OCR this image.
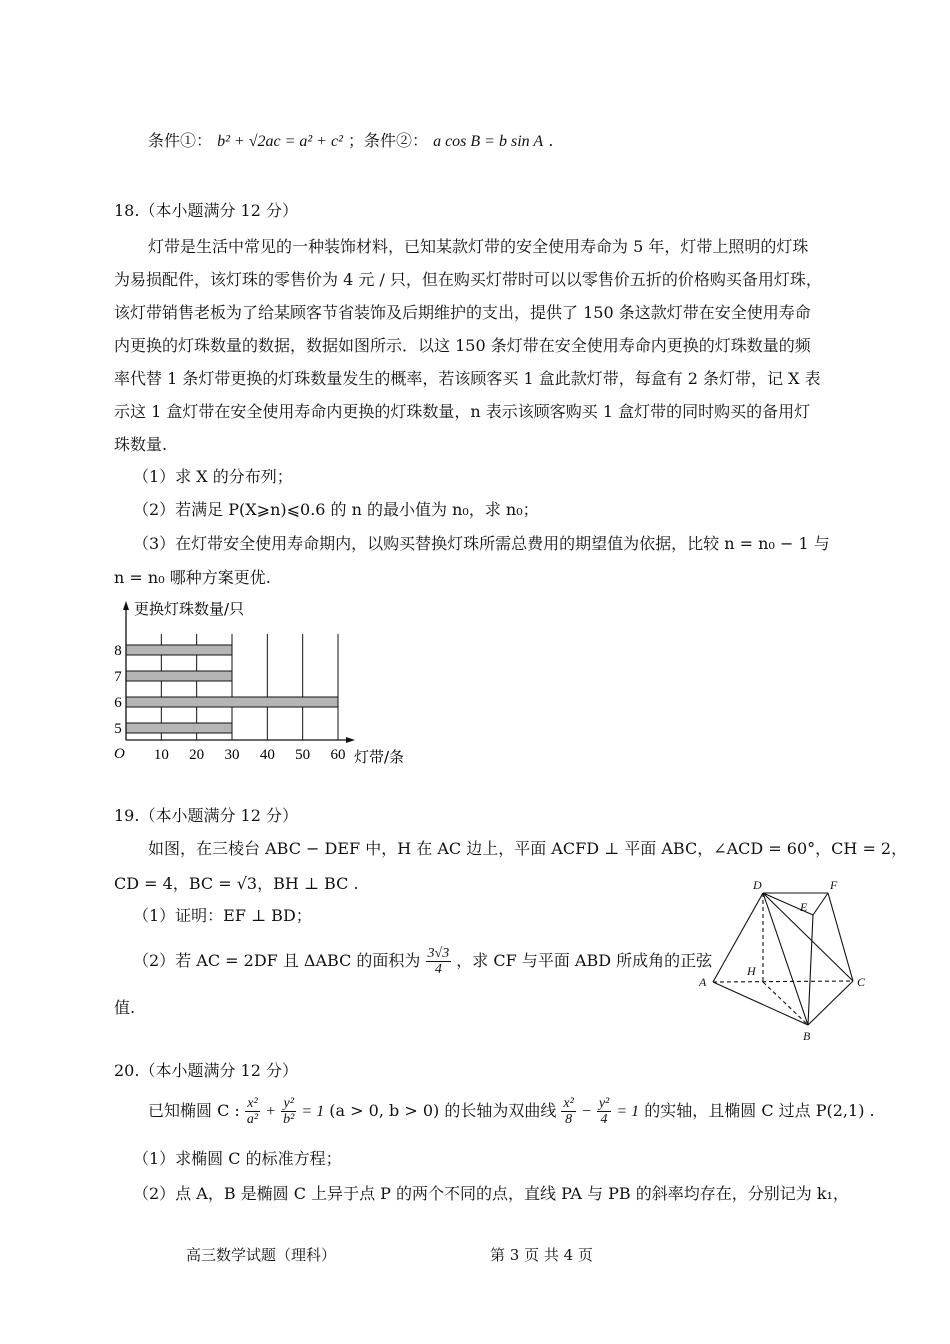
条件①： b² + √2ac = a² + c² ；条件②： a cos B = b sin A .
18.（本小题满分 12 分）
灯带是生活中常见的一种装饰材料，已知某款灯带的安全使用寿命为 5 年，灯带上照明的灯珠
为易损配件，该灯珠的零售价为 4 元 / 只，但在购买灯带时可以以零售价五折的价格购买备用灯珠，
该灯带销售老板为了给某顾客节省装饰及后期维护的支出，提供了 150 条这款灯带在安全使用寿命
内更换的灯珠数量的数据，数据如图所示．以这 150 条灯带在安全使用寿命内更换的灯珠数量的频
率代替 1 条灯带更换的灯珠数量发生的概率，若该顾客买 1 盒此款灯带，每盒有 2 条灯带，记 X 表
示这 1 盒灯带在安全使用寿命内更换的灯珠数量，n 表示该顾客购买 1 盒灯带的同时购买的备用灯
珠数量.
（1）求 X 的分布列；
（2）若满足 P(X⩾n)⩽0.6 的 n 的最小值为 n₀，求 n₀；
（3）在灯带安全使用寿命期内，以购买替换灯珠所需总费用的期望值为依据，比较 n = n₀ − 1 与
n = n₀ 哪种方案更优.
10 20 30 40 50 60
5
6
7
8
更换灯珠数量/只
灯带/条
O
19.（本小题满分 12 分）
如图，在三棱台 ABC − DEF 中，H 在 AC 边上，平面 ACFD ⊥ 平面 ABC，∠ACD = 60°，CH = 2，
CD = 4，BC = √3，BH ⊥ BC .
（1）证明：EF ⊥ BD；
（2）若 AC = 2DF 且 ΔABC 的面积为 $\frac{3√3}{4}$ ，求 CF 与平面 ABD 所成角的正弦
值.
D	F
E
H
A	C
B
20.（本小题满分 12 分）
已知椭圆 C : $\frac{\text{x²}}{\text{a²}} + \frac{\text{y²}}{\text{b²}} = 1$ (a > 0, b > 0) 的长轴为双曲线 $\frac{\text{x²}}{8} - \frac{\text{y²}}{4} = 1$ 的实轴，且椭圆 C 过点 P(2,1) .
（1）求椭圆 C 的标准方程；
（2）点 A，B 是椭圆 C 上异于点 P 的两个不同的点，直线 PA 与 PB 的斜率均存在，分别记为 k₁，
高三数学试题（理科）	第 3 页 共 4 页
